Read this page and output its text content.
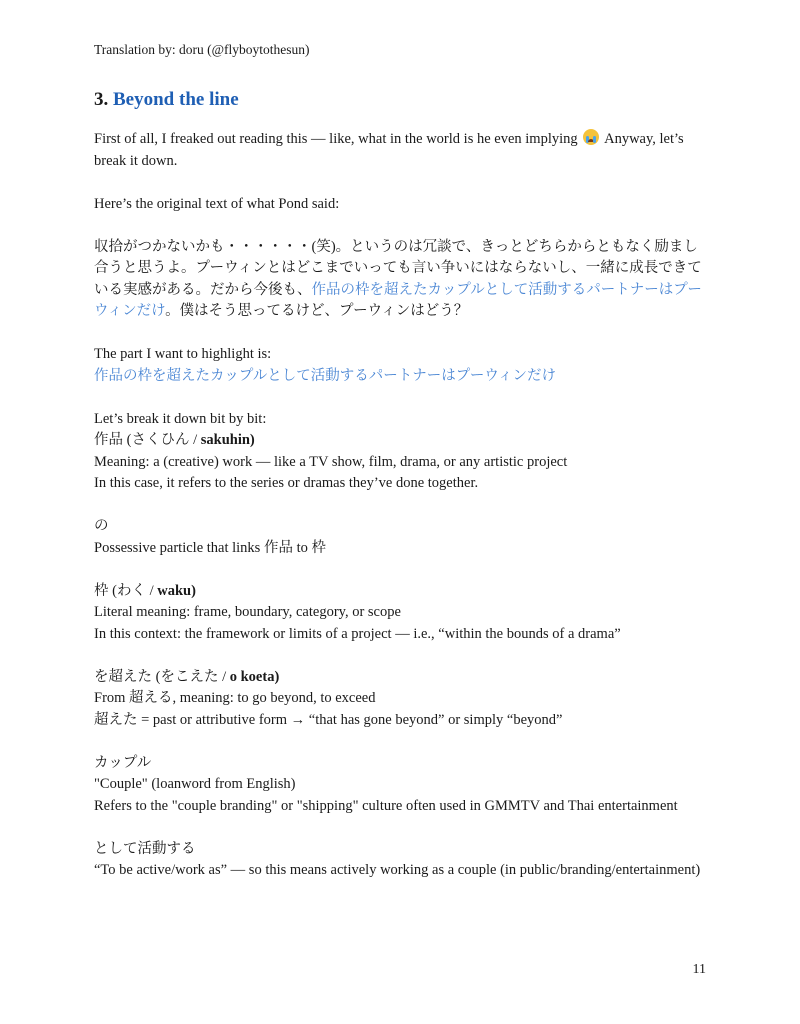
Translation by: doru (@flyboytothesun)
3. Beyond the line

First of all, I freaked out reading this — like, what in the world is he even implying Anyway, let’s break it down.

Here’s the original text of what Pond said:

収拾がつかないかも・・・・・・(笑)。というのは冗談で、きっとどちらからともなく励まし合うと思うよ。プーウィンとはどこまでいっても言い争いにはならないし、一緒に成長できている実感がある。だから今後も、作品の枠を超えたカップルとして活動するパートナーはプーウィンだけ。僕はそう思ってるけど、プーウィンはどう？

The part I want to highlight is:

作品の枠を超えたカップルとして活動するパートナーはプーウィンだけ

Let’s break it down bit by bit:

作品 (さくひん / sakuhin)

Meaning: a (creative) work — like a TV show, film, drama, or any artistic project

In this case, it refers to the series or dramas they’ve done together.

の

Possessive particle that links 作品 to 枠

枠 (わく / waku)

Literal meaning: frame, boundary, category, or scope

In this context: the framework or limits of a project — i.e., “within the bounds of a drama”

を超えた (をこえた / o koeta)

From 超える, meaning: to go beyond, to exceed

超えた = past or attributive form → “that has gone beyond” or simply “beyond”

カップル

"Couple" (loanword from English)

Refers to the "couple branding" or "shipping" culture often used in GMMTV and Thai entertainment

として活動する

“To be active/work as” — so this means actively working as a couple (in public/branding/entertainment)

11
